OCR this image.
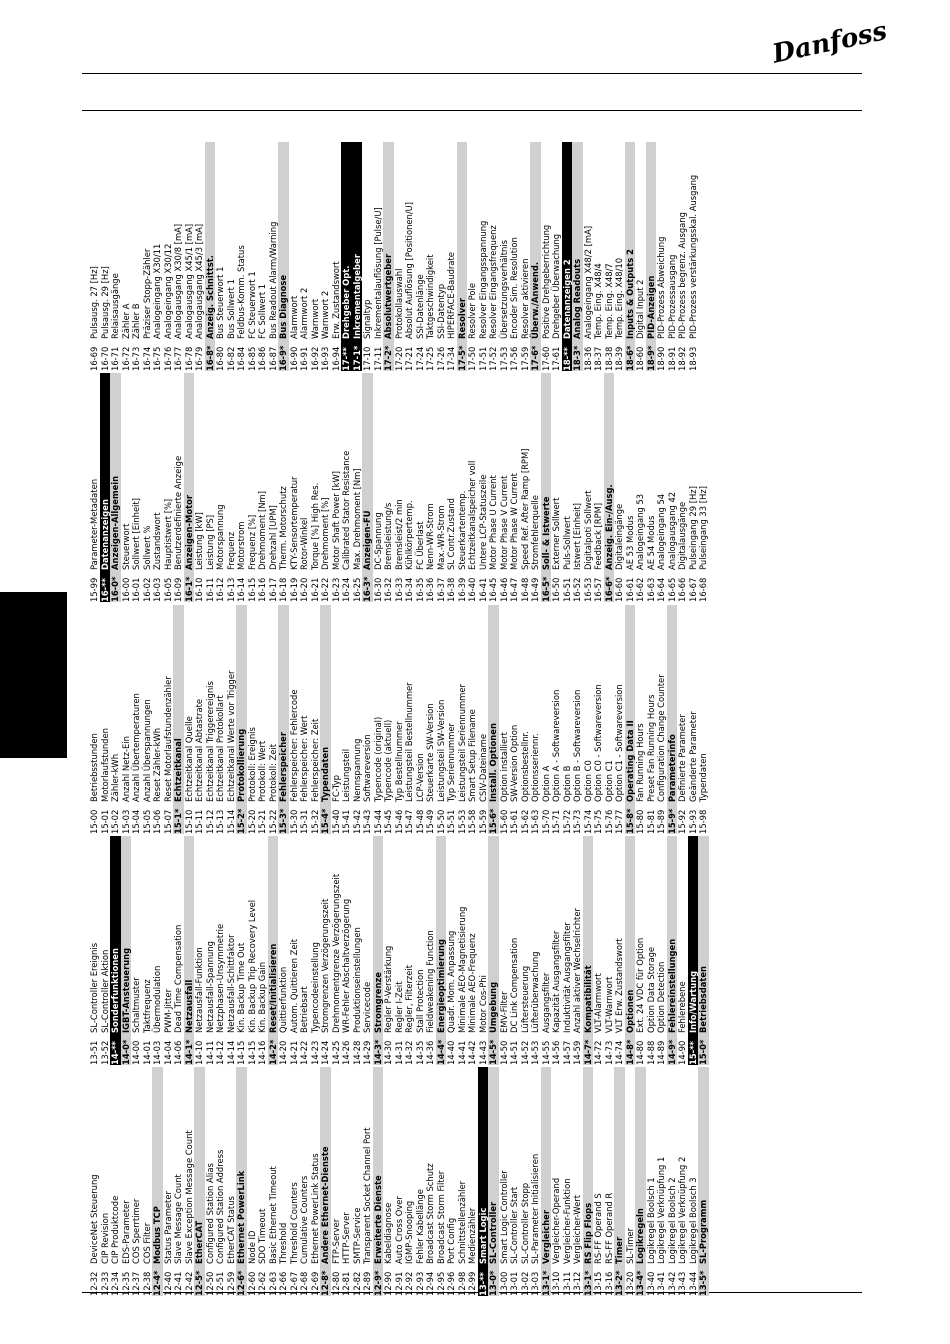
Danfoss
12-32
DeviceNet Steuerung
12-33
CIP Revision
12-34
CIP Produktcode
12-35
EDS-Parameter
12-37
COS Sperrtimer
12-38
COS Filter
12-4*
Modbus TCP
12-40
Status Parameter
12-41
Slave Message Count
12-42
Slave Exception Message Count
12-5*
EtherCAT
12-50
Configured Station Alias
12-51
Configured Station Address
12-59
EtherCAT Status
12-6*
Ethernet PowerLink
12-60
Node ID
12-62
SDO Timeout
12-63
Basic Ethernet Timeout
12-66
Threshold
12-67
Threshold Counters
12-68
Cumulative Counters
12-69
Ethernet PowerLink Status
12-8*
Andere Ethernet-Dienste
12-80
FTP-Server
12-81
HTTP-Server
12-82
SMTP-Service
12-89
Transparent Socket Channel Port
12-9*
Erweiterte Dienste
12-90
Kabeldiagnose
12-91
Auto Cross Over
12-92
IGMP-Snooping
12-93
Fehler Kabellänge
12-94
Broadcast Storm Schutz
12-95
Broadcast Storm Filter
12-96
Port Config
12-98
Schnittstellenzähler
12-99
Medienzähler
13-**
Smart Logic
13-0*
SL-Controller
13-00
Smart Logic Controller
13-01
SL-Controller Start
13-02
SL-Controller Stopp
13-03
SL-Parameter Initialisieren
13-1*
Vergleicher
13-10
Vergleicher-Operand
13-11
Vergleicher-Funktion
13-12
Vergleicher-Wert
13-1*
RS Flip Flops
13-15
RS-FF Operand S
13-16
RS-FF Operand R
13-2*
Timer
13-20
SL-Timer
13-4*
Logikregeln
13-40
Logikregel Boolsch 1
13-41
Logikregel Verknüpfung 1
13-42
Logikregel Boolsch 2
13-43
Logikregel Verknüpfung 2
13-44
Logikregel Boolsch 3
13-5*
SL-Programm
13-51
SL-Controller Ereignis
13-52
SL-Controller Aktion
14-**
Sonderfunktionen
14-0*
IGBT-Ansteuerung
14-00
Schaltmuster
14-01
Taktfrequenz
14-03
Übermodulation
14-04
PWM-Jitter
14-06
Dead Time Compensation
14-1*
Netzausfall
14-10
Netzausfall-Funktion
14-11
Netzausfall-Spannung
14-12
Netzphasen-Unsymmetrie
14-14
Netzausfall-Schittfaktor
14-15
Kin. Backup Time Out
14-15
Kin. Backup Trip Recovery Level
14-16
Kin. Backup Gain
14-2*
Reset/Initialisieren
14-20
Quittierfunktion
14-21
Autom. Quittieren Zeit
14-22
Betriebsart
14-23
Typencodeeinstellung
14-24
Stromgrenzen Verzögerungszeit
14-25
Drehmomentgrenze Verzögerungszeit
14-26
WR-Fehler Abschaltverzögerung
14-28
Produktionseinstellungen
14-29
Servicecode
14-3*
Stromgrenze
14-30
Regler P-Verstärkung
14-31
Regler I-Zeit
14-32
Regler, Filterzeit
14-35
Stall Protection
14-36
Fieldweakening Function
14-4*
Energieoptimierung
14-40
Quadr. Mom. Anpassung
14-41
Minimale AEO-Magnetisierung
14-42
Minimale AEO-Frequenz
14-43
Motor Cos-Phi
14-5*
Umgebung
14-50
EMV-Filter
14-51
DC Link Compensation
14-52
Lüftersteuerung
14-53
Lüfterüberwachung
14-55
Ausgangsfilter
14-56
Kapazität Ausgangsfilter
14-57
Induktivität Ausgangsfilter
14-59
Anzahl aktiver Wechselrichter
14-7*
Kompatibilität
14-72
VLT-Alarmwort
14-73
VLT-Warnwort
14-74
VLT Erw. Zustandswort
14-8*
Optionen
14-80
Ext. 24 VDC für Option
14-88
Option Data Storage
14-89
Option Detection
14-9*
Fehlereinstellungen
14-90
Fehlerebene
15-**
Info/Wartung
15-0*
Betriebsdaten
15-00
Betriebsstunden
15-01
Motorlaufstunden
15-02
Zähler-kWh
15-03
Anzahl Netz-Ein
15-04
Anzahl Übertemperaturen
15-05
Anzahl Überspannungen
15-06
Reset Zähler-kWh
15-07
Reset Motorlaufstundenzähler
15-1*
Echtzeitkanal
15-10
Echtzeitkanal Quelle
15-11
Echtzeitkanal Abtastrate
15-12
Echtzeitkanal Triggerereignis
15-13
Echtzeitkanal Protokollart
15-14
Echtzeitkanal Werte vor Trigger
15-2*
Protokollierung
15-20
Protokoll: Ereignis
15-21
Protokoll: Wert
15-22
Protokoll: Zeit
15-3*
Fehlerspeicher
15-30
Fehlerspeicher: Fehlercode
15-31
Fehlerspeicher: Wert
15-32
Fehlerspeicher: Zeit
15-4*
Typendaten
15-40
FC-Typ
15-41
Leistungsteil
15-42
Nennspannung
15-43
Softwareversion
15-44
Typencode (original)
15-45
Typencode (aktuell)
15-46
Typ Bestellnummer
15-47
Leistungsteil Bestellnummer
15-48
LCP-Version
15-49
Steuerkarte SW-Version
15-50
Leistungsteil SW-Version
15-51
Typ Seriennummer
15-53
Leistungsteil Seriennummer
15-58
Smart Setup Filename
15-59
CSIV-Dateiname
15-6*
Install. Optionen
15-60
Option installiert
15-61
SW-Version Option
15-62
Optionsbestellnr.
15-63
Optionsseriennr.
15-70
Option A
15-71
Option A - Softwareversion
15-72
Option B
15-73
Option B - Softwareversion
15-74
Option C0
15-75
Option C0 - Softwareversion
15-76
Option C1
15-77
Option C1 - Softwareversion
15-8*
Operating Data II
15-80
Fan Running Hours
15-81
Preset Fan Running Hours
15-89
Configuration Change Counter
15-9*
Parameterinfo
15-92
Definierte Parameter
15-93
Geänderte Parameter
15-98
Typendaten
15-99
Parameter-Metadaten
16-**
Datenanzeigen
16-0*
Anzeigen-Allgemein
16-00
Steuerwort
16-01
Sollwert [Einheit]
16-02
Sollwert %
16-03
Zustandswort
16-05
Hauptistwert [%]
16-09
Benutzerdefinierte Anzeige
16-1*
Anzeigen-Motor
16-10
Leistung [kW]
16-11
Leistung [PS]
16-12
Motorspannung
16-13
Frequenz
16-14
Motorstrom
16-15
Frequenz [%]
16-16
Drehmoment [Nm]
16-17
Drehzahl [UPM]
16-18
Therm. Motorschutz
16-19
KTY-Sensortemperatur
16-20
Rotor-Winkel
16-21
Torque [%] High Res.
16-22
Drehmoment [%]
16-23
Motor Shaft Power [kW]
16-24
Calibrated Stator Resistance
16-25
Max. Drehmoment [Nm]
16-3*
Anzeigen-FU
16-30
DC-Spannung
16-32
Bremsleistung/s
16-33
Bremsleist/2 min
16-34
Kühlkörpertemp.
16-35
FC Überlast
16-36
Nenn-WR-Strom
16-37
Max.-WR-Strom
16-38
SL Contr.Zustand
16-39
Steuerkartentemp.
16-40
Echtzeitkanalspeicher voll
16-41
Untere LCP-Statuszeile
16-45
Motor Phase U Current
16-46
Motor Phase V Current
16-47
Motor Phase W Current
16-48
Speed Ref. After Ramp [RPM]
16-49
Stromfehlerquelle
16-5*
Soll- & Istwerte
16-50
Externer Sollwert
16-51
Puls-Sollwert
16-52
Istwert [Einheit]
16-53
Digitalpoti Sollwert
16-57
Feedback [RPM]
16-6*
Anzeig. Ein-/Ausg.
16-60
Digitaleingänge
16-61
AE 53 Modus
16-62
Analogeingang 53
16-63
AE 54 Modus
16-64
Analogeingang 54
16-65
Analogausgang 42
16-66
Digitalausgänge
16-67
Pulseingang 29 [Hz]
16-68
Pulseingang 33 [Hz]
16-69
Pulsausg. 27 [Hz]
16-70
Pulsausg. 29 [Hz]
16-71
Relaisausgänge
16-72
Zähler A
16-73
Zähler B
16-74
Präziser Stopp-Zähler
16-75
Analogeingang X30/11
16-76
Analogeingang X30/12
16-77
Analogausgang X30/8 [mA]
16-78
Analogausgang X45/1 [mA]
16-79
Analogausgang X45/3 [mA]
16-8*
Anzeig. Schnittst.
16-80
Bus Steuerwort 1
16-82
Bus Sollwert 1
16-84
Feldbus-Komm. Status
16-85
FC Steuerwort 1
16-86
FC Sollwert 1
16-87
Bus Readout Alarm/Warning
16-9*
Bus Diagnose
16-90
Alarmwort
16-91
Alarmwort 2
16-92
Warnwort
16-93
Warnwort 2
16-94
Erw. Zustandswort
17-**
Drehgeber Opt.
17-1*
Inkrementalgeber
17-10
Signaltyp
17-11
Inkrementalauflösung [Pulse/U]
17-2*
Absolutwertgeber
17-20
Protokollauswahl
17-21
Absolut Auflösung [Positionen/U]
17-24
SSI-Datenlänge
17-25
Taktgeschwindigkeit
17-26
SSI-Datentyp
17-34
HIPERFACE-Baudrate
17-5*
Resolver
17-50
Resolver Pole
17-51
Resolver Eingangsspannung
17-52
Resolver Eingangsfrequenz
17-53
Übersetzungsverhältnis
17-56
Encoder Sim. Resolution
17-59
Resolver aktivieren
17-6*
Überw./Anwend.
17-60
Positive Drehgeberrichtung
17-61
Drehgeber Überwachung
18-**
Datenanzeigen 2
18-3*
Analog Readouts
18-36
Analogeingang X48/2 [mA]
18-37
Temp. Eing. X48/4
18-38
Temp. Eing. X48/7
18-39
Temp. Eing. X48/10
18-6*
Inputs & Outputs 2
18-60
Digital Input 2
18-9*
PID-Anzeigen
18-90
PID-Prozess Abweichung
18-91
PID-Prozessausgang
18-92
PID-Prozess begrenz. Ausgang
18-93
PID-Prozess verstärkungsskal. Ausgang
